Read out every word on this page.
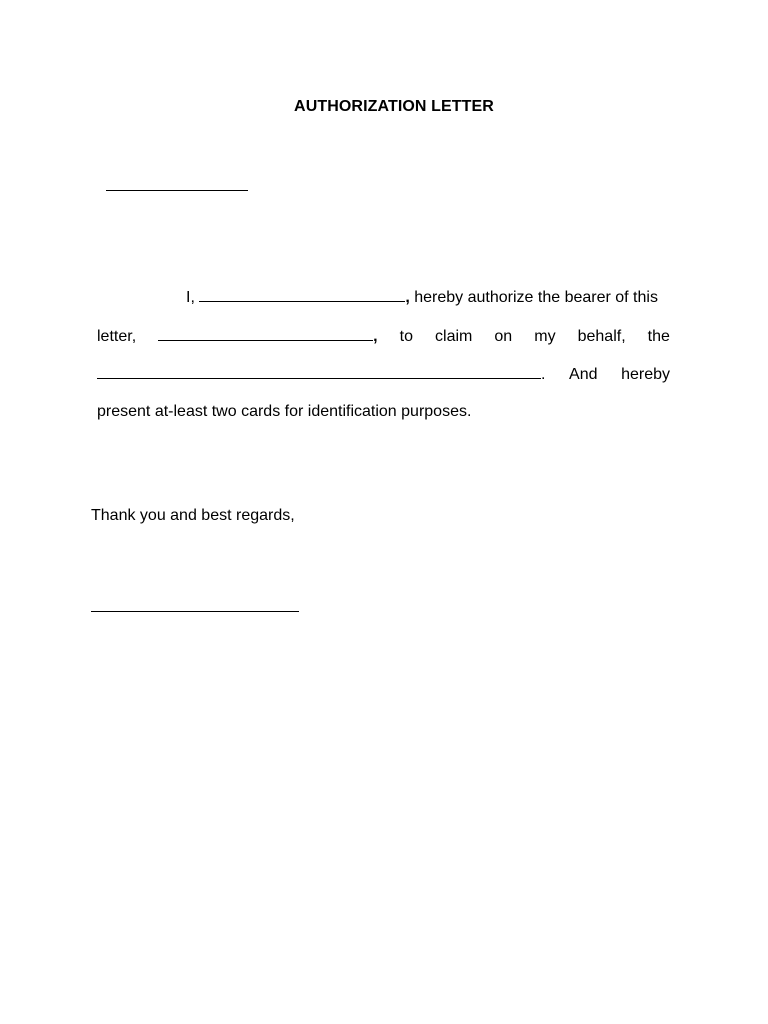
AUTHORIZATION LETTER
I,	, hereby authorize the bearer of this
letter,	, to claim on my behalf, the
. And hereby
present at-least two cards for identification purposes.
Thank you and best regards,
